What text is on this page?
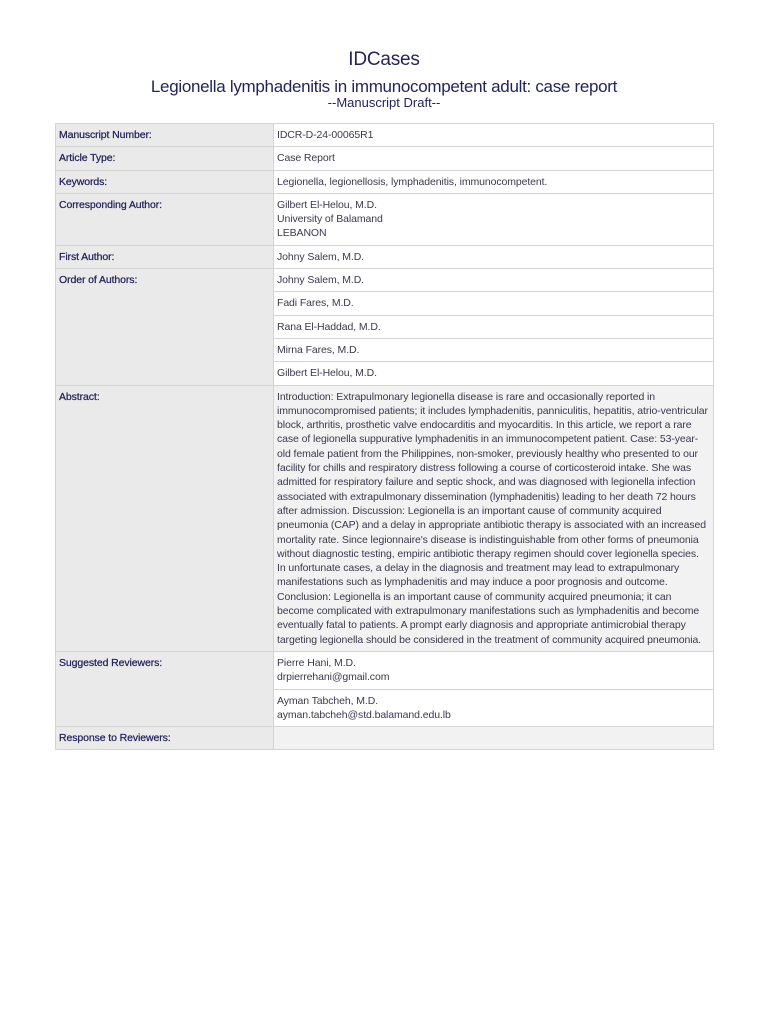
IDCases
Legionella lymphadenitis in immunocompetent adult: case report
--Manuscript Draft--
Manuscript Number:	IDCR-D-24-00065R1
Article Type:	Case Report
Keywords:	Legionella, legionellosis, lymphadenitis, immunocompetent.
Corresponding Author:	Gilbert El-Helou, M.D.
University of Balamand
LEBANON

First Author:	Johny Salem, M.D.
Order of Authors:	Johny Salem, M.D.
	Fadi Fares, M.D.
	Rana El-Haddad, M.D.
	Mirna Fares, M.D.
	Gilbert El-Helou, M.D.
Abstract:	Introduction: Extrapulmonary legionella disease is rare and occasionally reported in immunocompromised patients; it includes lymphadenitis, panniculitis, hepatitis, atrio-ventricular block, arthritis, prosthetic valve endocarditis and myocarditis. In this article, we report a rare case of legionella suppurative lymphadenitis in an immunocompetent patient. Case: 53-year-old female patient from the Philippines, non-smoker, previously healthy who presented to our facility for chills and respiratory distress following a course of corticosteroid intake. She was admitted for respiratory failure and septic shock, and was diagnosed with legionella infection associated with extrapulmonary dissemination (lymphadenitis) leading to her death 72 hours after admission. Discussion: Legionella is an important cause of community acquired pneumonia (CAP) and a delay in appropriate antibiotic therapy is associated with an increased mortality rate. Since legionnaire's disease is indistinguishable from other forms of pneumonia without diagnostic testing, empiric antibiotic therapy regimen should cover legionella species. In unfortunate cases, a delay in the diagnosis and treatment may lead to extrapulmonary manifestations such as lymphadenitis and may induce a poor prognosis and outcome. Conclusion: Legionella is an important cause of community acquired pneumonia; it can become complicated with extrapulmonary manifestations such as lymphadenitis and become eventually fatal to patients. A prompt early diagnosis and appropriate antimicrobial therapy targeting legionella should be considered in the treatment of community acquired pneumonia.
Suggested Reviewers:	Pierre Hani, M.D.
drpierrehani@gmail.com

	Ayman Tabcheh, M.D.
ayman.tabcheh@std.balamand.edu.lb

Response to Reviewers:	
